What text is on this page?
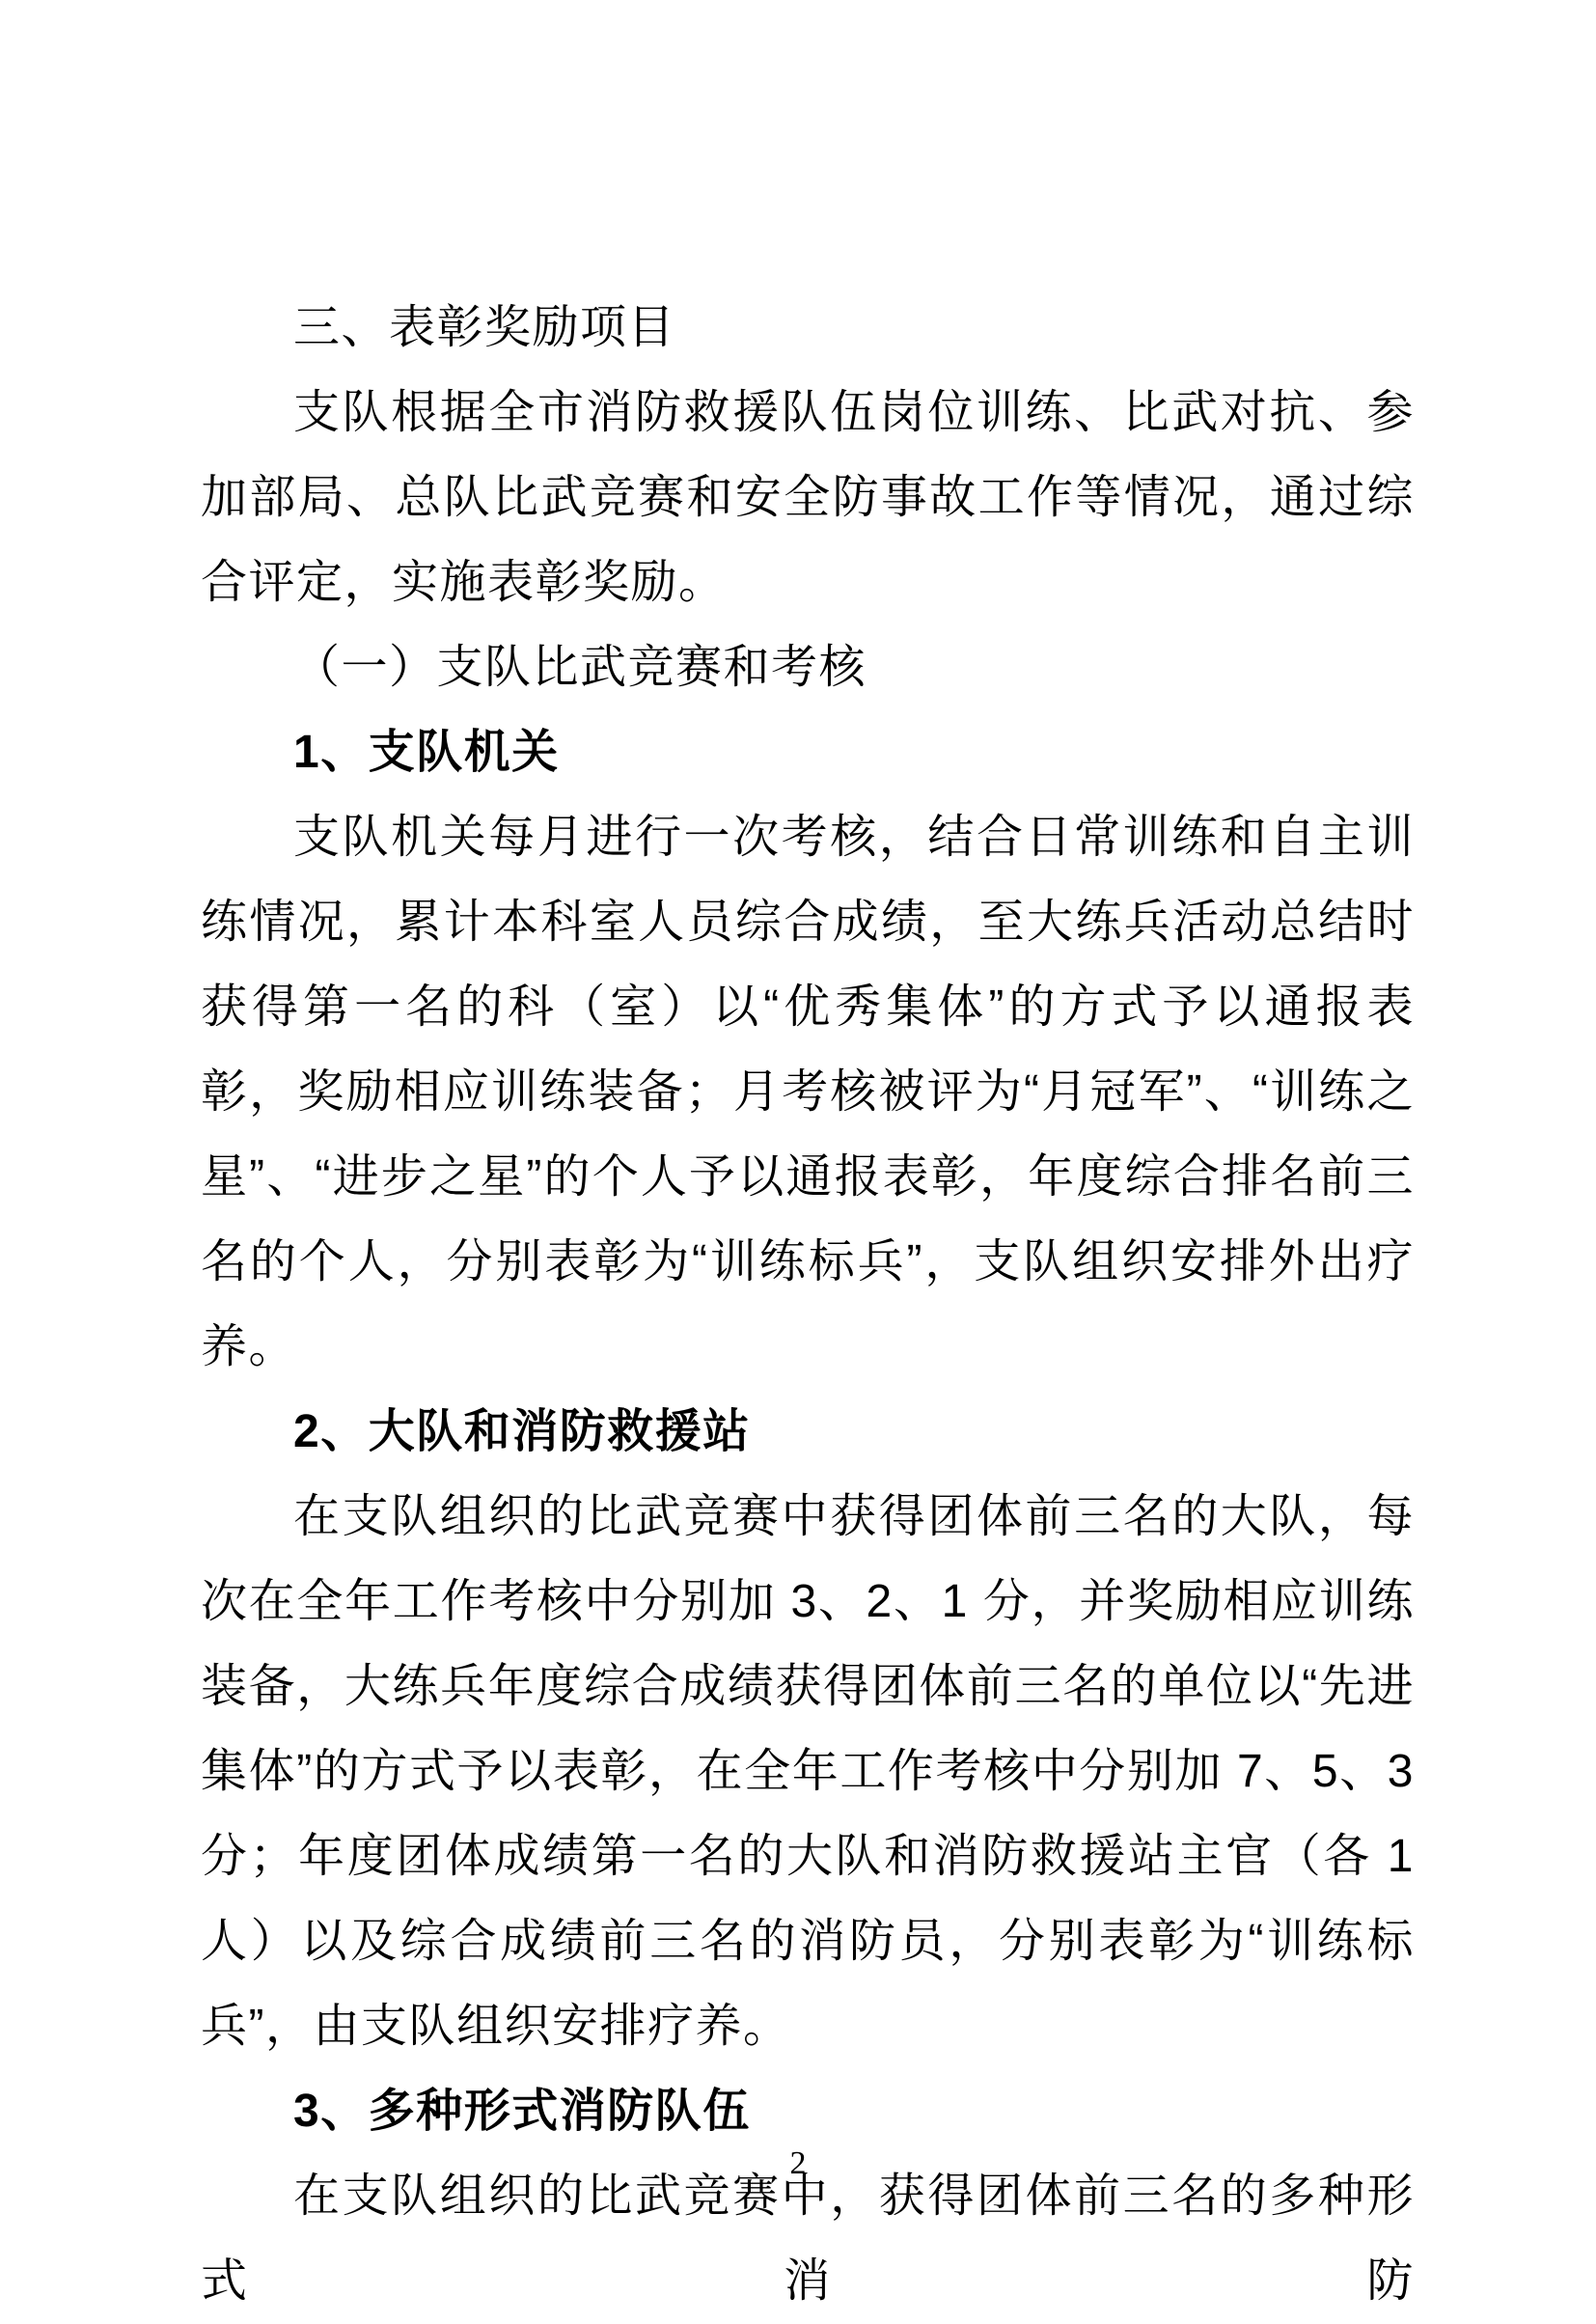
三、表彰奖励项目

支队根据全市消防救援队伍岗位训练、比武对抗、参加部局、总队比武竞赛和安全防事故工作等情况，通过综合评定，实施表彰奖励。

（一）支队比武竞赛和考核

1、支队机关

支队机关每月进行一次考核，结合日常训练和自主训练情况，累计本科室人员综合成绩，至大练兵活动总结时获得第一名的科（室）以“优秀集体”的方式予以通报表彰，奖励相应训练装备；月考核被评为“月冠军”、“训练之星”、“进步之星”的个人予以通报表彰，年度综合排名前三名的个人，分别表彰为“训练标兵”，支队组织安排外出疗养。

2、大队和消防救援站

在支队组织的比武竞赛中获得团体前三名的大队，每次在全年工作考核中分别加 3、2、1 分，并奖励相应训练装备，大练兵年度综合成绩获得团体前三名的单位以“先进集体”的方式予以表彰，在全年工作考核中分别加 7、5、3 分；年度团体成绩第一名的大队和消防救援站主官（各 1 人）以及综合成绩前三名的消防员，分别表彰为“训练标兵”，由支队组织安排疗养。

3、多种形式消防队伍

在支队组织的比武竞赛中，获得团体前三名的多种形式消防

2
